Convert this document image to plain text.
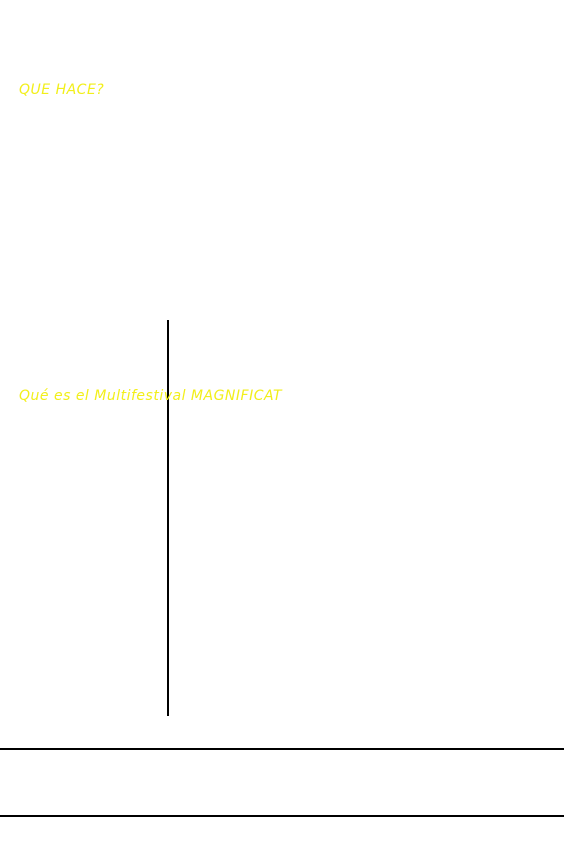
QUE HACE?
Qué es el Multifestival MAGNIFICAT
